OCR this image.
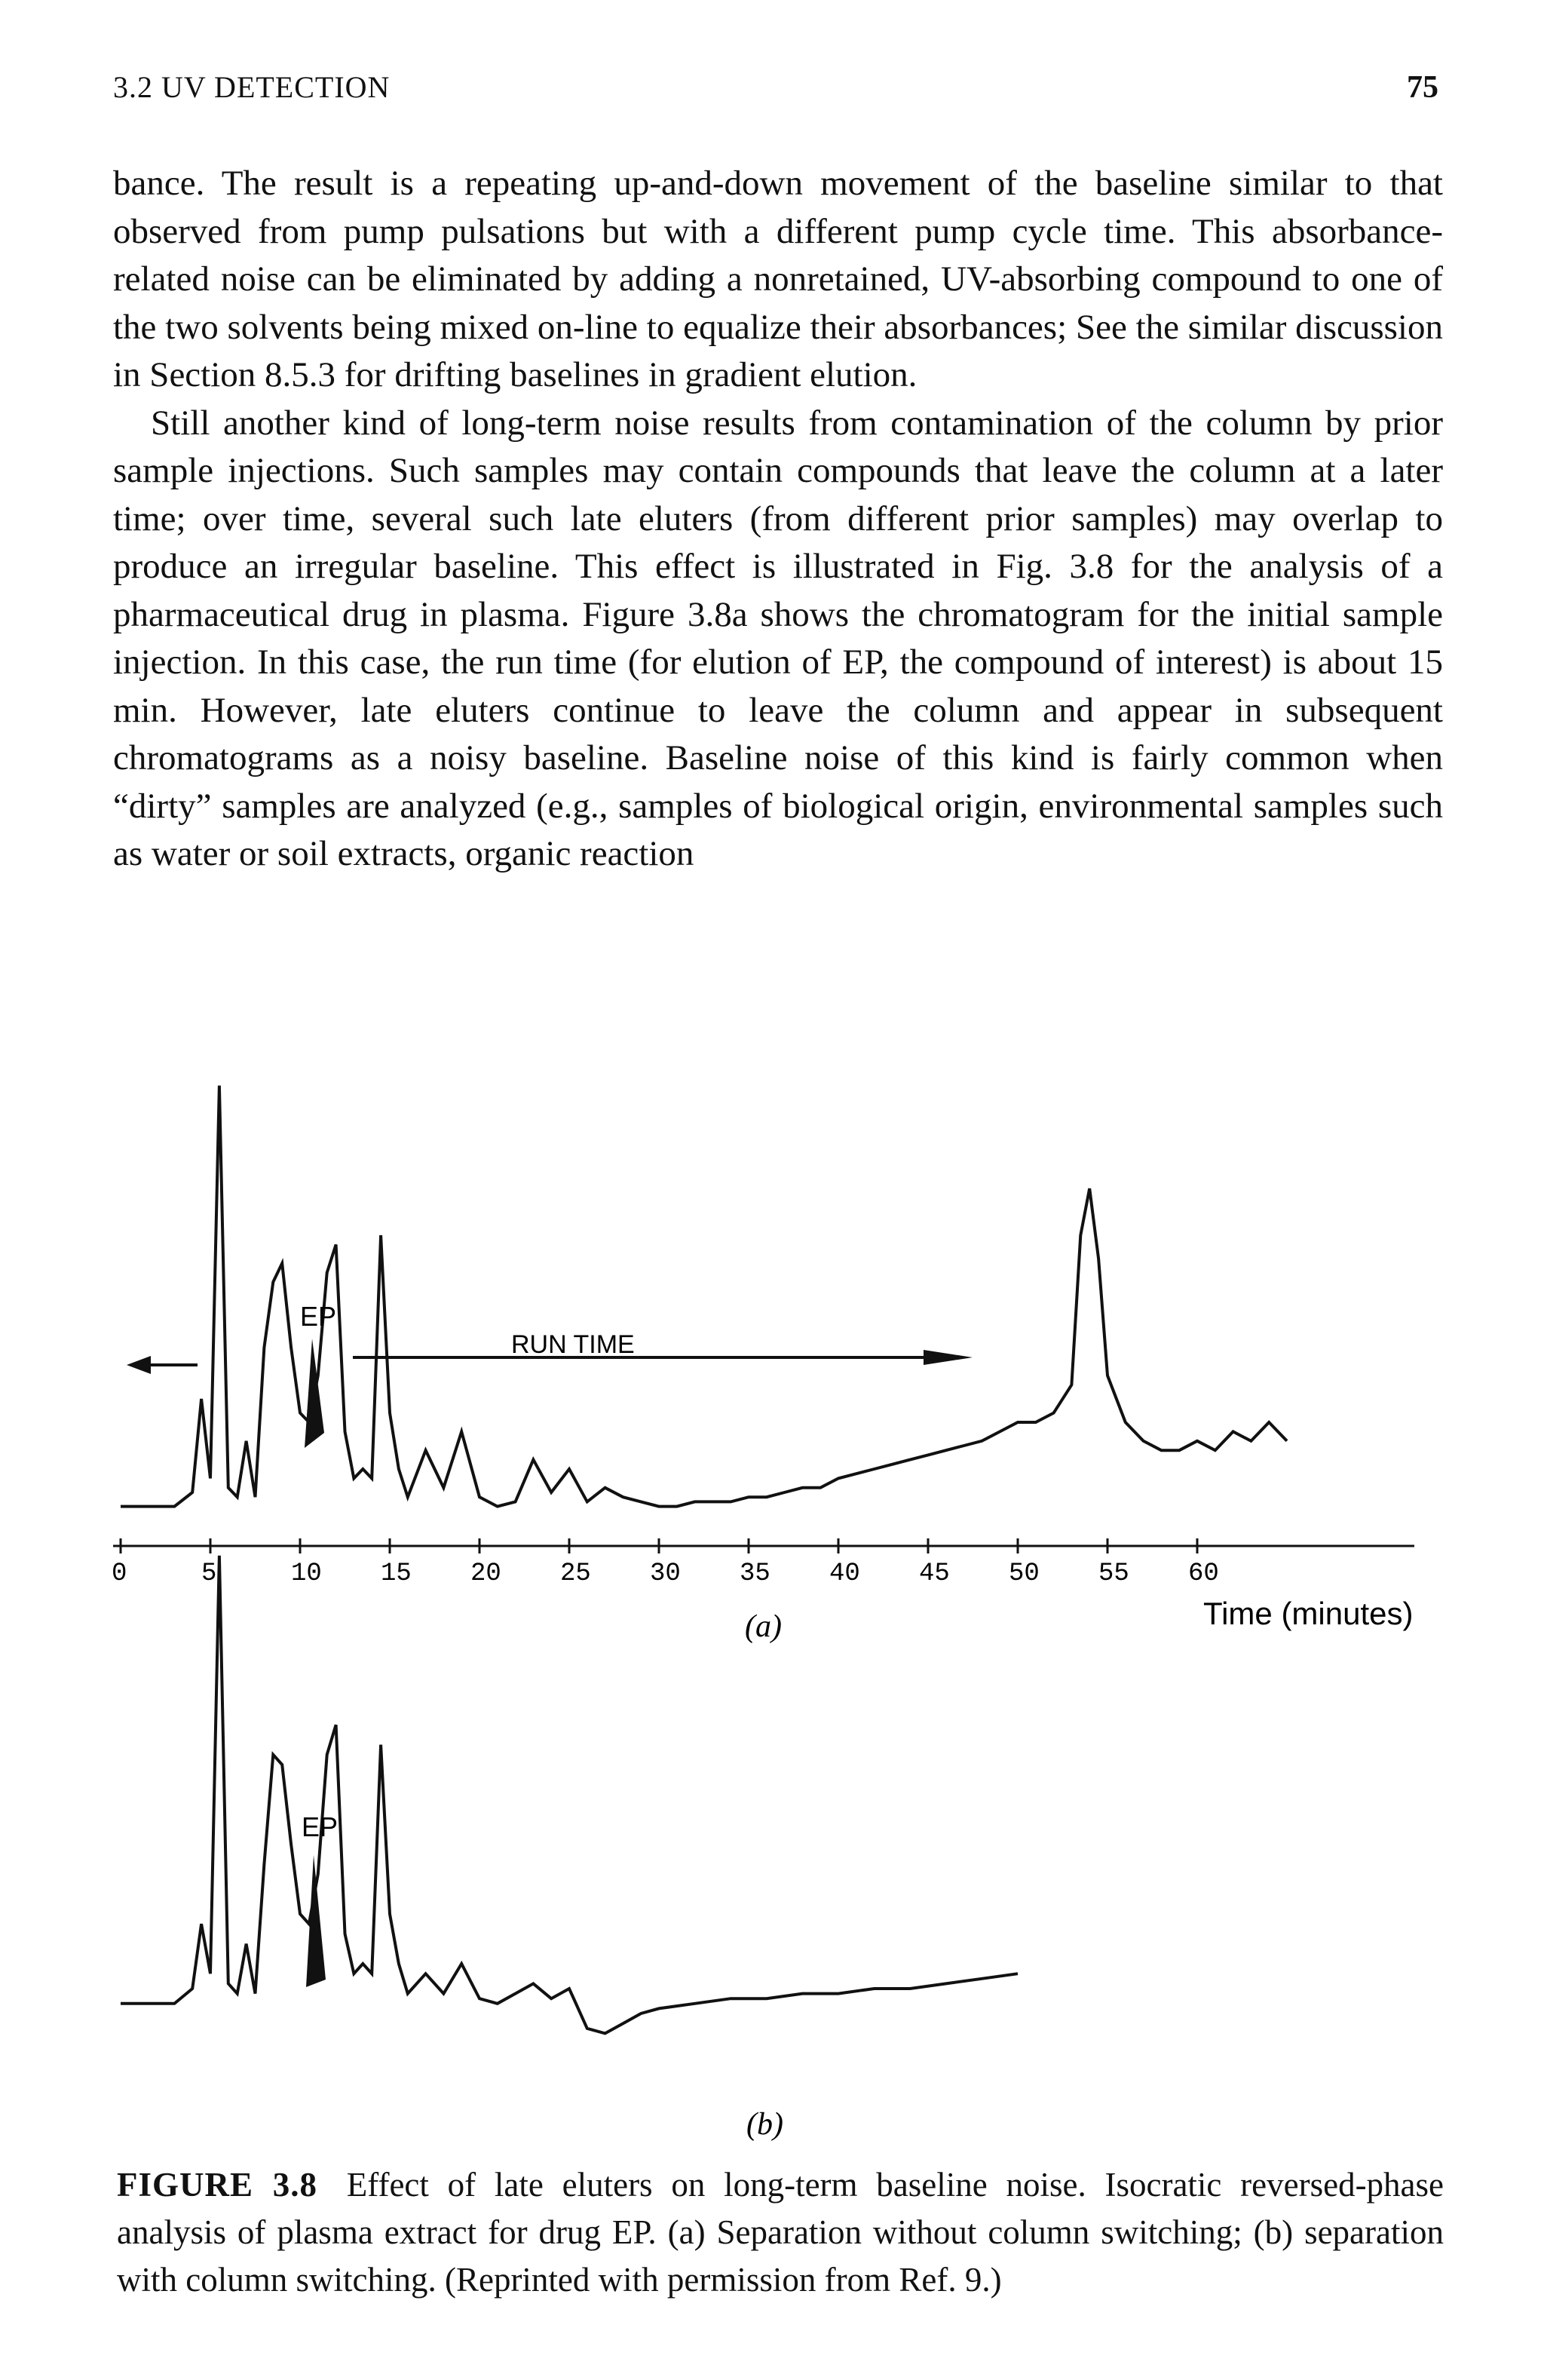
3.2 UV DETECTION	75

bance. The result is a repeating up-and-down movement of the baseline similar to that observed from pump pulsations but with a different pump cycle time. This absorbance-related noise can be eliminated by adding a nonretained, UV-absorbing compound to one of the two solvents being mixed on-line to equalize their absorbances; See the similar discussion in Section 8.5.3 for drifting baselines in gradient elution.

Still another kind of long-term noise results from contamination of the column by prior sample injections. Such samples may contain compounds that leave the column at a later time; over time, several such late eluters (from different prior samples) may overlap to produce an irregular baseline. This effect is illustrated in Fig. 3.8 for the analysis of a pharmaceutical drug in plasma. Figure 3.8a shows the chromatogram for the initial sample injection. In this case, the run time (for elution of EP, the compound of interest) is about 15 min. However, late eluters continue to leave the column and appear in subsequent chromatograms as a noisy baseline. Baseline noise of this kind is fairly common when “dirty” samples are analyzed (e.g., samples of biological origin, environmental samples such as water or soil extracts, organic reaction

EP
RUN TIME
0	5	10 15 20 25 30 35 40 45 50 55 60
Time (minutes)
(a)
EP
(b)
FIGURE 3.8 Effect of late eluters on long-term baseline noise. Isocratic reversed-phase analysis of plasma extract for drug EP. (a) Separation without column switching; (b) separation with column switching. (Reprinted with permission from Ref. 9.)
